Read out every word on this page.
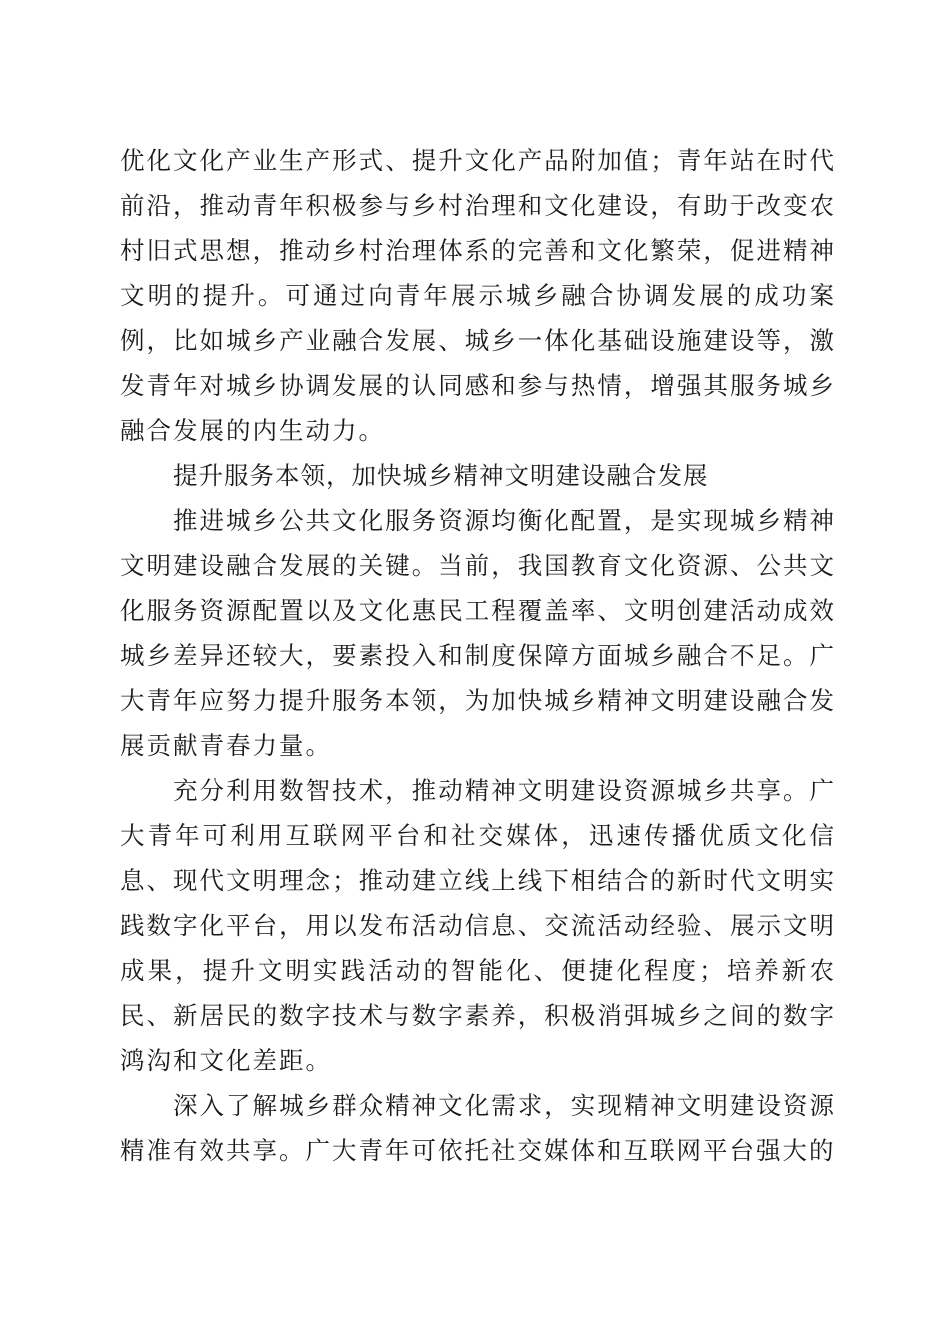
优化文化产业生产形式、提升文化产品附加值；青年站在时代前沿，推动青年积极参与乡村治理和文化建设，有助于改变农村旧式思想，推动乡村治理体系的完善和文化繁荣，促进精神文明的提升。可通过向青年展示城乡融合协调发展的成功案例，比如城乡产业融合发展、城乡一体化基础设施建设等，激发青年对城乡协调发展的认同感和参与热情，增强其服务城乡融合发展的内生动力。

提升服务本领，加快城乡精神文明建设融合发展

推进城乡公共文化服务资源均衡化配置，是实现城乡精神文明建设融合发展的关键。当前，我国教育文化资源、公共文化服务资源配置以及文化惠民工程覆盖率、文明创建活动成效城乡差异还较大，要素投入和制度保障方面城乡融合不足。广大青年应努力提升服务本领，为加快城乡精神文明建设融合发展贡献青春力量。

充分利用数智技术，推动精神文明建设资源城乡共享。广大青年可利用互联网平台和社交媒体，迅速传播优质文化信息、现代文明理念；推动建立线上线下相结合的新时代文明实践数字化平台，用以发布活动信息、交流活动经验、展示文明成果，提升文明实践活动的智能化、便捷化程度；培养新农民、新居民的数字技术与数字素养，积极消弭城乡之间的数字鸿沟和文化差距。

深入了解城乡群众精神文化需求，实现精神文明建设资源精准有效共享。广大青年可依托社交媒体和互联网平台强大的
